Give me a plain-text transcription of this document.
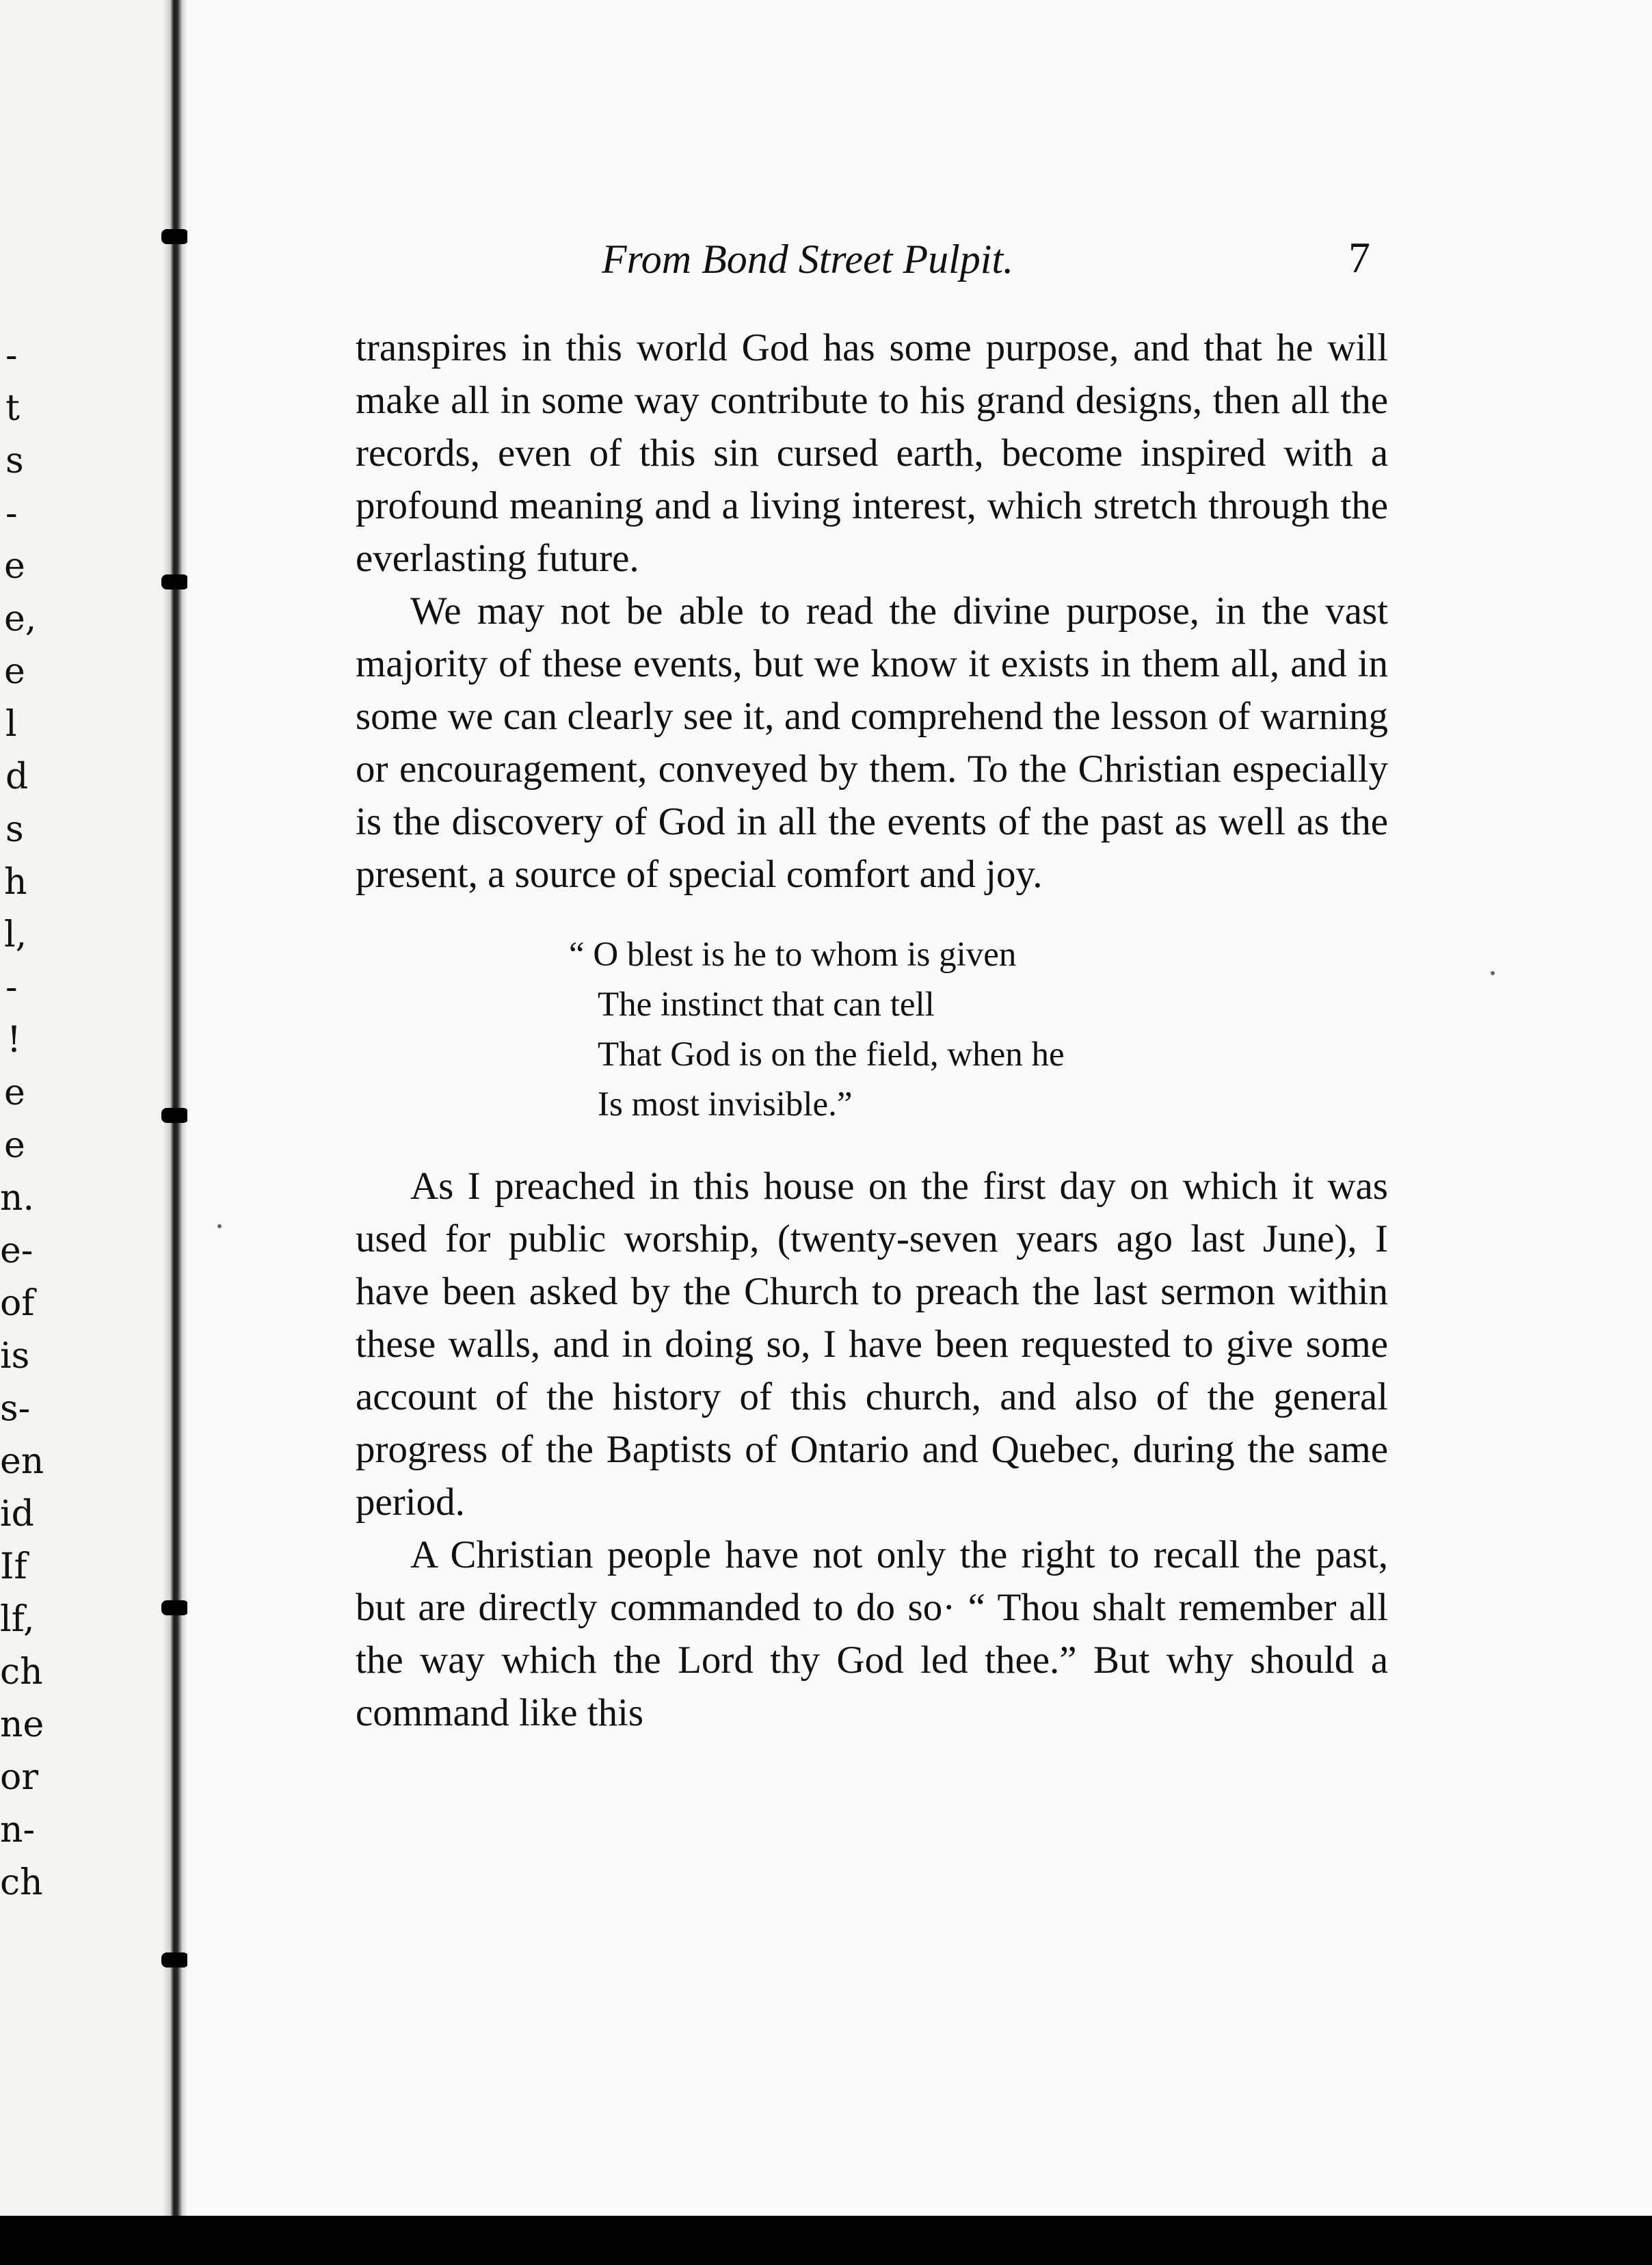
-
t
s
-
e
e,
e
l
d
s
h
l,
-
!
e
e
n.
e-
of
is
s-
en
id
If
lf,
ch
ne
or
n-
ch
From Bond Street Pulpit.	7

transpires in this world God has some purpose, and that he will make all in some way contribute to his grand designs, then all the records, even of this sin cursed earth, become inspired with a profound meaning and a living interest, which stretch through the everlasting future.

We may not be able to read the divine purpose, in the vast majority of these events, but we know it exists in them all, and in some we can clearly see it, and comprehend the lesson of warning or encouragement, conveyed by them. To the Christian especially is the discovery of God in all the events of the past as well as the present, a source of special comfort and joy.

“ O blest is he to whom is given
The instinct that can tell
That God is on the field, when he
Is most invisible.”

As I preached in this house on the first day on which it was used for public worship, (twenty-seven years ago last June), I have been asked by the Church to preach the last sermon within these walls, and in doing so, I have been requested to give some account of the history of this church, and also of the general progress of the Baptists of Ontario and Quebec, during the same period.

A Christian people have not only the right to recall the past, but are directly commanded to do so· “ Thou shalt remember all the way which the Lord thy God led thee.” But why should a command like this
